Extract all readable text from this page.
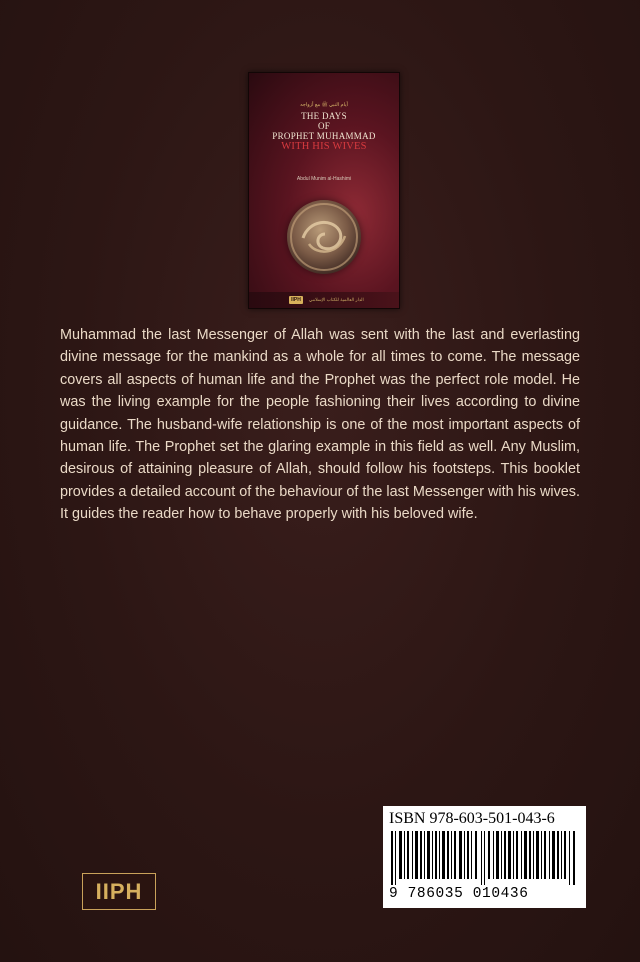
أيام النبي ﷺ مع أزواجه
THE DAYS
OF
PROPHET MUHAMMAD
WITH HIS WIVES
Abdul Munim al-Hashimi
IIPH	الدار العالمية للكتاب الإسلامي
Muhammad the last Messenger of Allah was sent with the last and everlasting divine message for the mankind as a whole for all times to come. The message covers all aspects of human life and the Prophet was the perfect role model. He was the living example for the people fashioning their lives according to divine guidance. The husband-wife relationship is one of the most important aspects of human life. The Prophet set the glaring example in this field as well. Any Muslim, desirous of attaining pleasure of Allah, should follow his footsteps. This booklet provides a detailed account of the behaviour of the last Messenger with his wives. It guides the reader how to behave properly with his beloved wife.
ISBN 978-603-501-043-6
9 786035 010436
IIPH
